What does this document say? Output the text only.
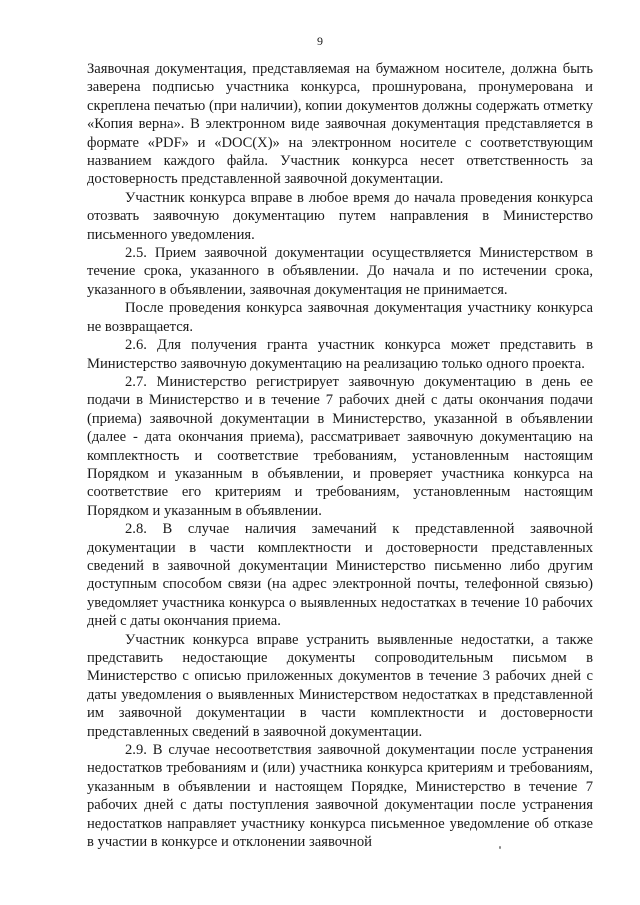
9

Заявочная документация, представляемая на бумажном носителе, должна быть заверена подписью участника конкурса, прошнурована, пронумерована и скреплена печатью (при наличии), копии документов должны содержать отметку «Копия верна». В электронном виде заявочная документация представляется в формате «PDF» и «DOC(X)» на электронном носителе с соответствующим названием каждого файла. Участник конкурса несет ответственность за достоверность представленной заявочной документации.

Участник конкурса вправе в любое время до начала проведения конкурса отозвать заявочную документацию путем направления в Министерство письменного уведомления.

2.5. Прием заявочной документации осуществляется Министерством в течение срока, указанного в объявлении. До начала и по истечении срока, указанного в объявлении, заявочная документация не принимается.

После проведения конкурса заявочная документация участнику конкурса не возвращается.

2.6. Для получения гранта участник конкурса может представить в Министерство заявочную документацию на реализацию только одного проекта.

2.7. Министерство регистрирует заявочную документацию в день ее подачи в Министерство и в течение 7 рабочих дней с даты окончания подачи (приема) заявочной документации в Министерство, указанной в объявлении (далее - дата окончания приема), рассматривает заявочную документацию на комплектность и соответствие требованиям, установленным настоящим Порядком и указанным в объявлении, и проверяет участника конкурса на соответствие его критериям и требованиям, установленным настоящим Порядком и указанным в объявлении.

2.8. В случае наличия замечаний к представленной заявочной документации в части комплектности и достоверности представленных сведений в заявочной документации Министерство письменно либо другим доступным способом связи (на адрес электронной почты, телефонной связью) уведомляет участника конкурса о выявленных недостатках в течение 10 рабочих дней с даты окончания приема.

Участник конкурса вправе устранить выявленные недостатки, а также представить недостающие документы сопроводительным письмом в Министерство с описью приложенных документов в течение 3 рабочих дней с даты уведомления о выявленных Министерством недостатках в представленной им заявочной документации в части комплектности и достоверности представленных сведений в заявочной документации.

2.9. В случае несоответствия заявочной документации после устранения недостатков требованиям и (или) участника конкурса критериям и требованиям, указанным в объявлении и настоящем Порядке, Министерство в течение 7 рабочих дней с даты поступления заявочной документации после устранения недостатков направляет участнику конкурса письменное уведомление об отказе в участии в конкурсе и отклонении заявочной
